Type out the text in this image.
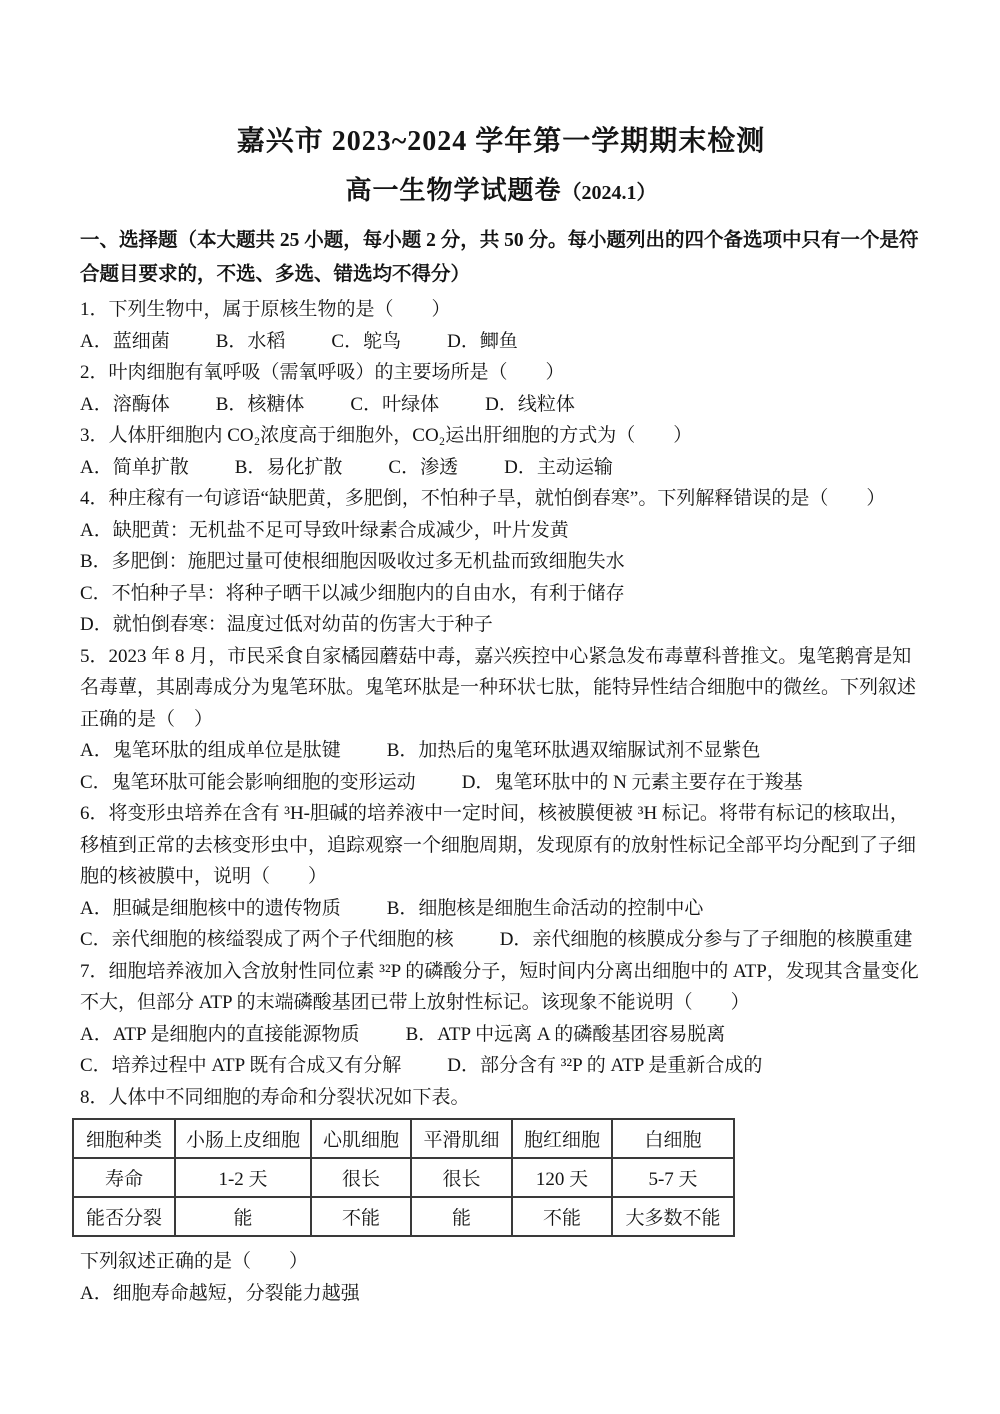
嘉兴市 2023~2024 学年第一学期期末检测
高一生物学试题卷（2024.1）

一、选择题（本大题共 25 小题，每小题 2 分，共 50 分。每小题列出的四个备选项中只有一个是符合题目要求的，不选、多选、错选均不得分）

1．下列生物中，属于原核生物的是（　　）

A．蓝细菌 B．水稻 C．鸵鸟 D．鲫鱼

2．叶肉细胞有氧呼吸（需氧呼吸）的主要场所是（　　）

A．溶酶体 B．核糖体 C．叶绿体 D．线粒体

3．人体肝细胞内 CO₂浓度高于细胞外，CO₂运出肝细胞的方式为（　　）

A．简单扩散 B．易化扩散 C．渗透 D．主动运输

4．种庄稼有一句谚语“缺肥黄，多肥倒，不怕种子旱，就怕倒春寒”。下列解释错误的是（　　）

A．缺肥黄：无机盐不足可导致叶绿素合成减少，叶片发黄
B．多肥倒：施肥过量可使根细胞因吸收过多无机盐而致细胞失水
C．不怕种子旱：将种子晒干以减少细胞内的自由水，有利于储存
D．就怕倒春寒：温度过低对幼苗的伤害大于种子

5．2023 年 8 月，市民采食自家橘园蘑菇中毒，嘉兴疾控中心紧急发布毒蕈科普推文。鬼笔鹅膏是知名毒蕈，其剧毒成分为鬼笔环肽。鬼笔环肽是一种环状七肽，能特异性结合细胞中的微丝。下列叙述正确的是（　）

A．鬼笔环肽的组成单位是肽键 B．加热后的鬼笔环肽遇双缩脲试剂不显紫色
C．鬼笔环肽可能会影响细胞的变形运动 D．鬼笔环肽中的 N 元素主要存在于羧基

6．将变形虫培养在含有 ³H-胆碱的培养液中一定时间，核被膜便被 ³H 标记。将带有标记的核取出，移植到正常的去核变形虫中，追踪观察一个细胞周期，发现原有的放射性标记全部平均分配到了子细胞的核被膜中，说明（　　）

A．胆碱是细胞核中的遗传物质 B．细胞核是细胞生命活动的控制中心
C．亲代细胞的核缢裂成了两个子代细胞的核 D．亲代细胞的核膜成分参与了子细胞的核膜重建

7．细胞培养液加入含放射性同位素 ³²P 的磷酸分子，短时间内分离出细胞中的 ATP，发现其含量变化不大，但部分 ATP 的末端磷酸基团已带上放射性标记。该现象不能说明（　　）

A．ATP 是细胞内的直接能源物质 B．ATP 中远离 A 的磷酸基团容易脱离
C．培养过程中 ATP 既有合成又有分解 D．部分含有 ³²P 的 ATP 是重新合成的

8．人体中不同细胞的寿命和分裂状况如下表。

细胞种类	小肠上皮细胞	心肌细胞	平滑肌细	胞红细胞	白细胞
寿命	1-2 天	很长	很长	120 天	5-7 天
能否分裂	能	不能	能	不能	大多数不能

下列叙述正确的是（　　）

A．细胞寿命越短，分裂能力越强
